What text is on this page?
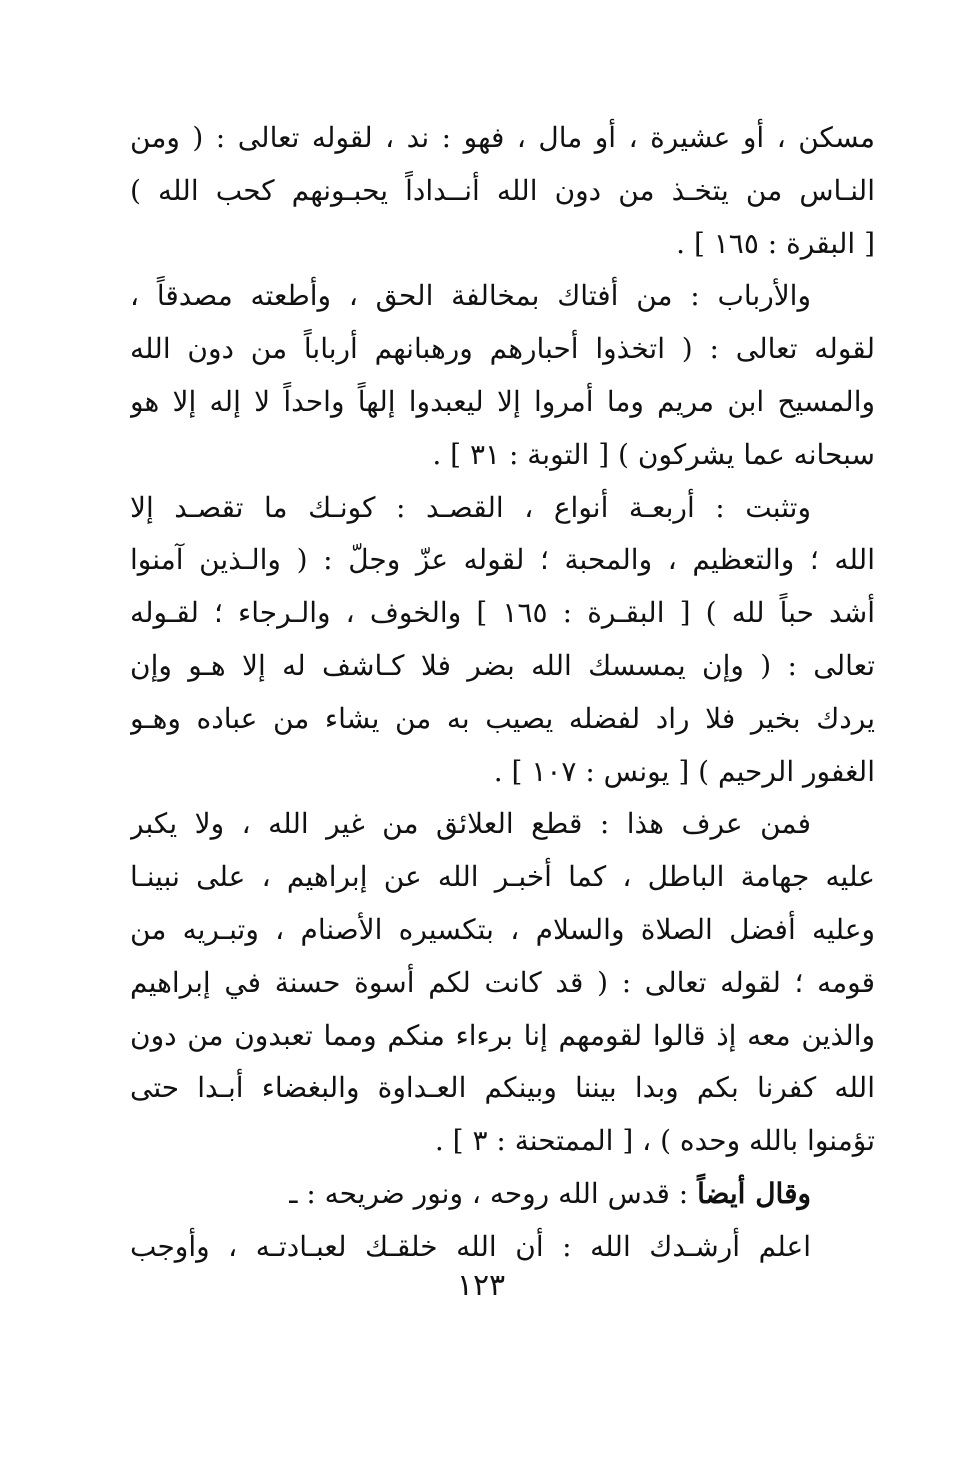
مسكن ، أو عشيرة ، أو مال ، فهو : ند ، لقوله تعالى : ( ومن
النـاس من يتخـذ من دون الله أنــداداً يحبـونهم كحب الله )
[ البقرة : ١٦٥ ] .
والأرباب : من أفتاك بمخالفة الحق ، وأطعته مصدقاً ،
لقوله تعالى : ( اتخذوا أحبارهم ورهبانهم أرباباً من دون الله
والمسيح ابن مريم وما أمروا إلا ليعبدوا إلهاً واحداً لا إله إلا هو
سبحانه عما يشركون ) [ التوبة : ٣١ ] .
وتثبت : أربعـة أنواع ، القصـد : كونـك ما تقصـد إلا
الله ؛ والتعظيم ، والمحبة ؛ لقوله عزّ وجلّ : ( والـذين آمنوا
أشد حباً لله ) [ البقـرة : ١٦٥ ] والخوف ، والـرجاء ؛ لقـوله
تعالى : ( وإن يمسسك الله بضر فلا كـاشف له إلا هـو وإن
يردك بخير فلا راد لفضله يصيب به من يشاء من عباده وهـو
الغفور الرحيم ) [ يونس : ١٠٧ ] .
فمن عرف هذا : قطع العلائق من غير الله ، ولا يكبر
عليه جهامة الباطل ، كما أخبـر الله عن إبراهيم ، على نبينـا
وعليه أفضل الصلاة والسلام ، بتكسيره الأصنام ، وتبـريه من
قومه ؛ لقوله تعالى : ( قد كانت لكم أسوة حسنة في إبراهيم
والذين معه إذ قالوا لقومهم إنا برءاء منكم ومما تعبدون من دون
الله كفرنا بكم وبدا بيننا وبينكم العـداوة والبغضاء أبـدا حتى
تؤمنوا بالله وحده ) ، [ الممتحنة : ٣ ] .
وقال أيضاً : قدس الله روحه ، ونور ضريحه : ـ
اعلم أرشـدك الله : أن الله خلقـك لعبـادتـه ، وأوجب
١٢٣
